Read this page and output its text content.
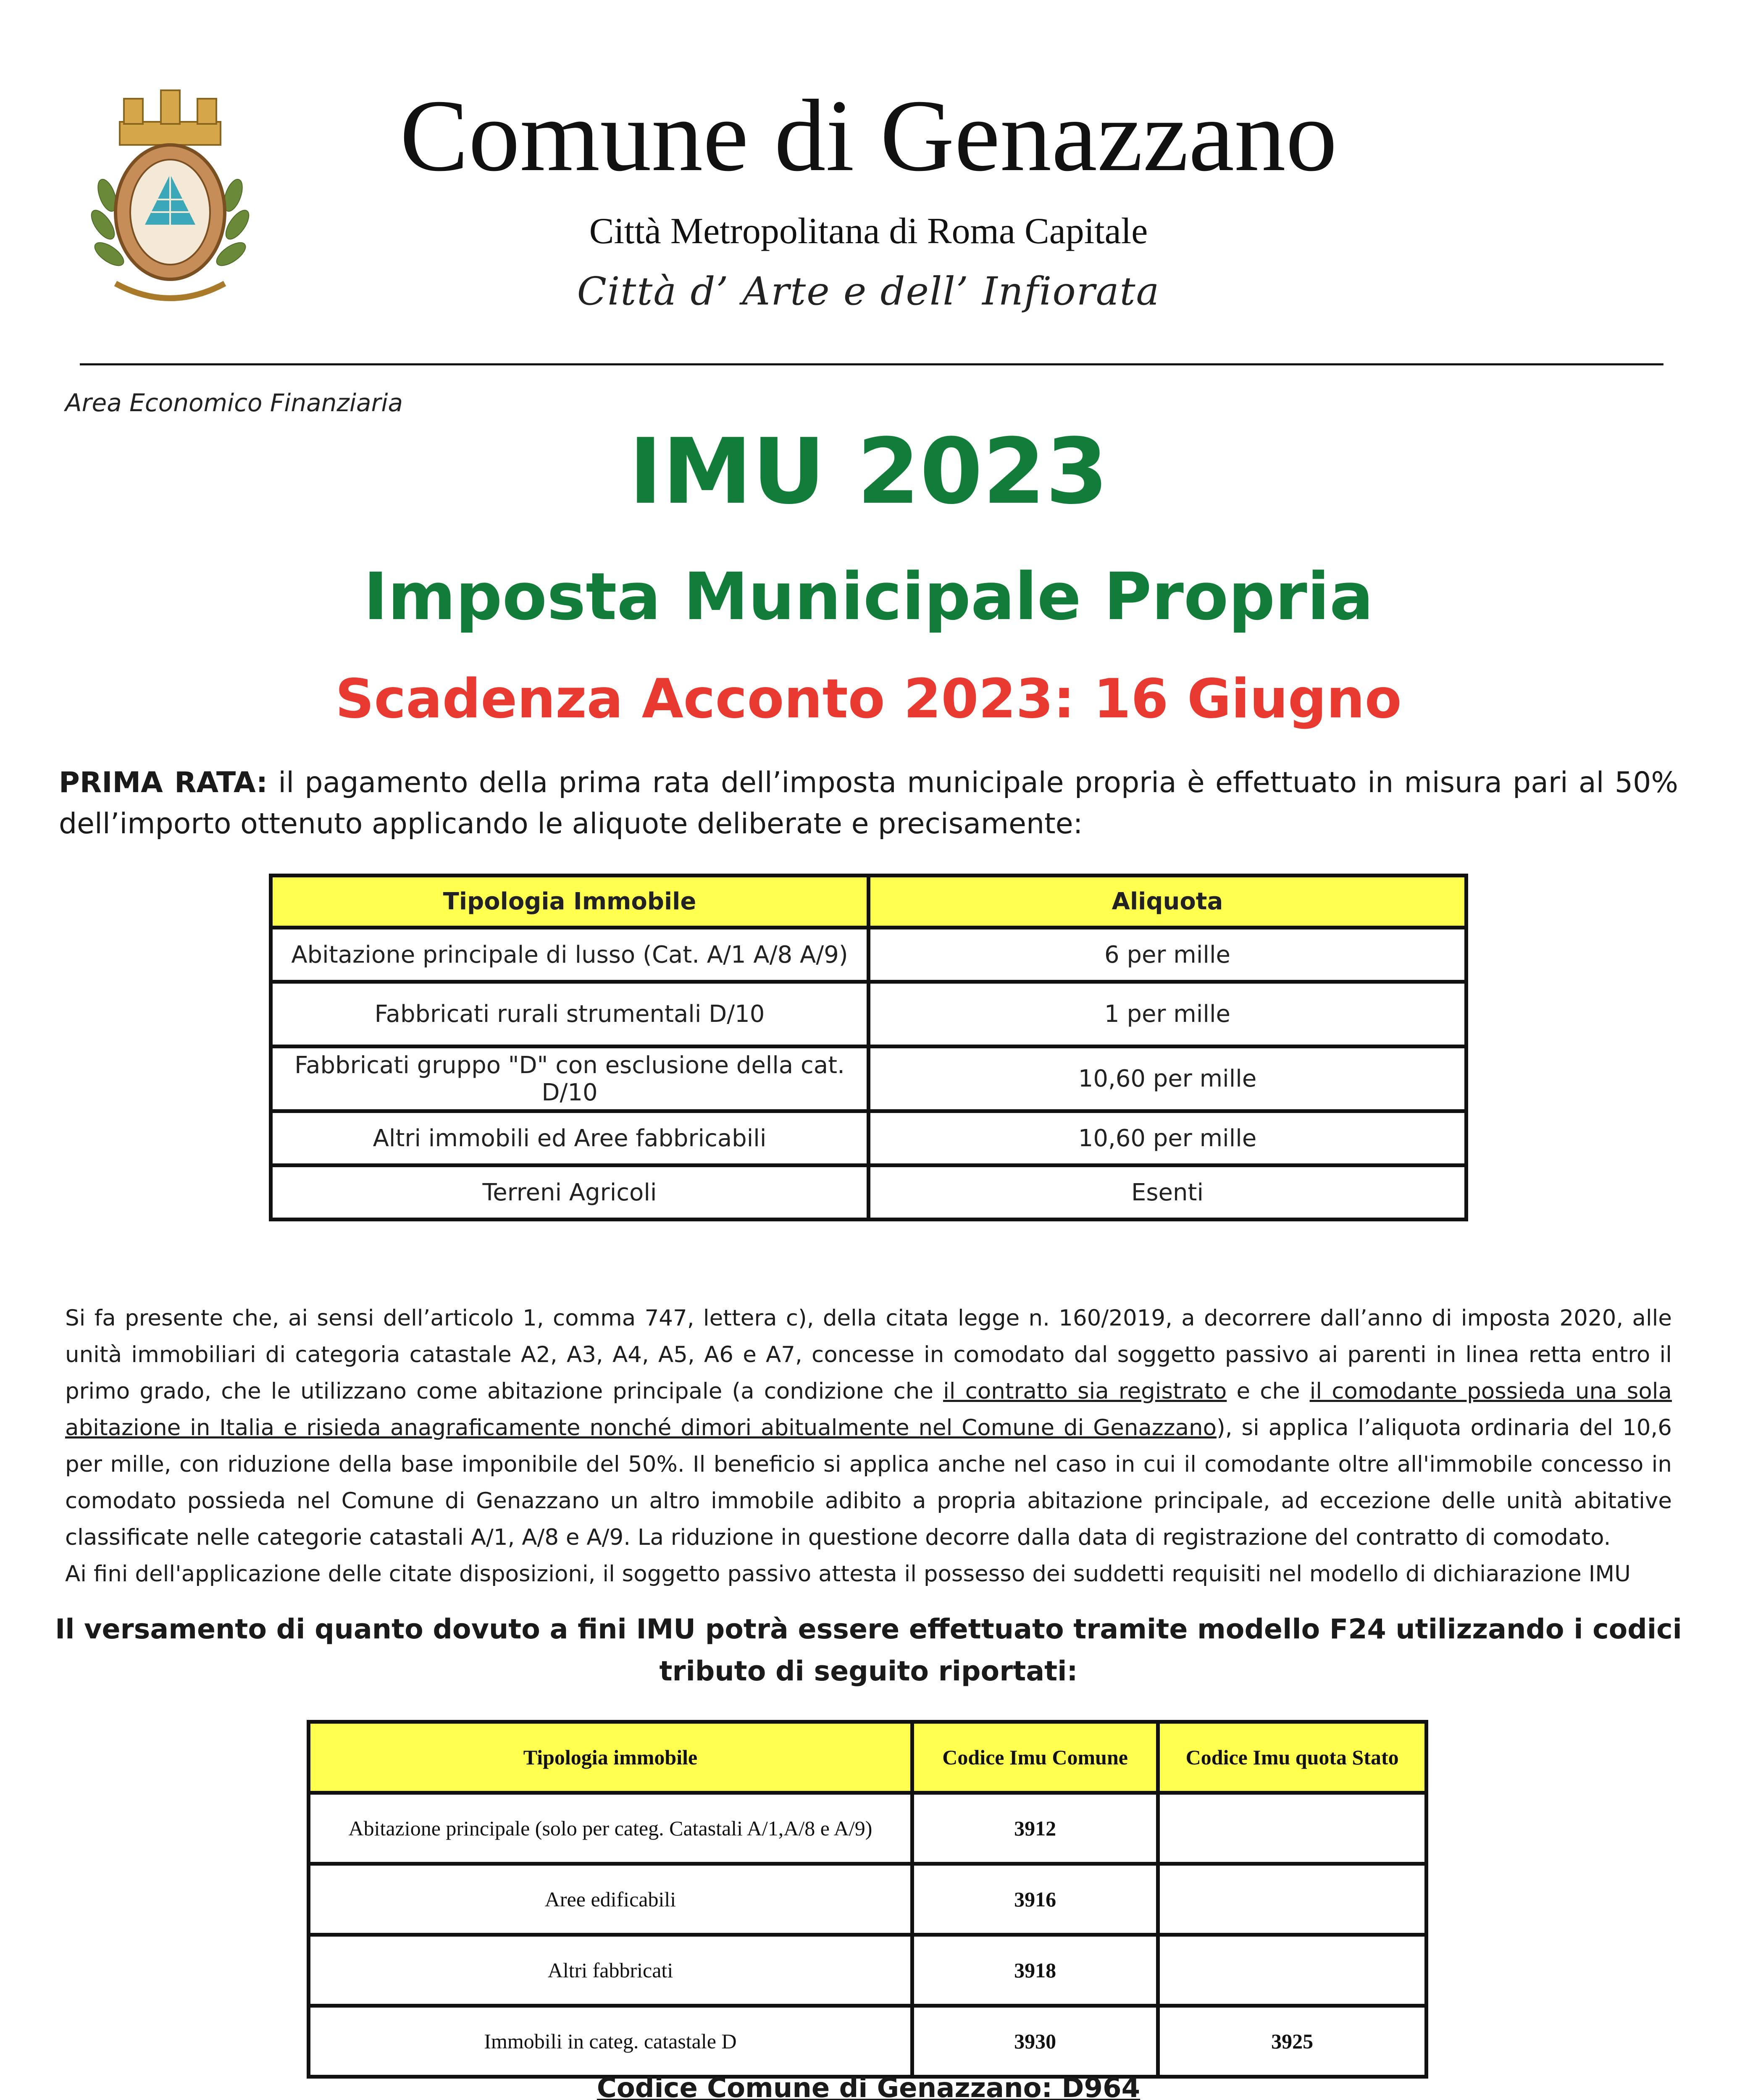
Comune di Genazzano
Città Metropolitana di Roma Capitale
Città d’ Arte e dell’ Infiorata
Area Economico Finanziaria
IMU 2023
Imposta Municipale Propria
Scadenza Acconto 2023: 16 Giugno
PRIMA RATA: il pagamento della prima rata dell’imposta municipale propria è effettuato in misura pari al 50% dell’importo ottenuto applicando le aliquote deliberate e precisamente:
Tipologia Immobile	Aliquota
Abitazione principale di lusso (Cat. A/1 A/8 A/9)	6 per mille
Fabbricati rurali strumentali D/10	1 per mille
Fabbricati gruppo "D" con esclusione della cat. D/10	10,60 per mille
Altri immobili ed Aree fabbricabili	10,60 per mille
Terreni Agricoli	Esenti
Si fa presente che, ai sensi dell’articolo 1, comma 747, lettera c), della citata legge n. 160/2019, a decorrere dall’anno di imposta 2020, alle unità immobiliari di categoria catastale A2, A3, A4, A5, A6 e A7, concesse in comodato dal soggetto passivo ai parenti in linea retta entro il primo grado, che le utilizzano come abitazione principale (a condizione che il contratto sia registrato e che il comodante possieda una sola abitazione in Italia e risieda anagraficamente nonché dimori abitualmente nel Comune di Genazzano), si applica l’aliquota ordinaria del 10,6 per mille, con riduzione della base imponibile del 50%. Il beneficio si applica anche nel caso in cui il comodante oltre all'immobile concesso in comodato possieda nel Comune di Genazzano un altro immobile adibito a propria abitazione principale, ad eccezione delle unità abitative classificate nelle categorie catastali A/1, A/8 e A/9. La riduzione in questione decorre dalla data di registrazione del contratto di comodato.
Ai fini dell'applicazione delle citate disposizioni, il soggetto passivo attesta il possesso dei suddetti requisiti nel modello di dichiarazione IMU
Il versamento di quanto dovuto a fini IMU potrà essere effettuato tramite modello F24 utilizzando i codici tributo di seguito riportati:
Tipologia immobile	Codice Imu Comune	Codice Imu quota Stato
Abitazione principale (solo per categ. Catastali A/1,A/8 e A/9)	3912	
Aree edificabili	3916	
Altri fabbricati	3918	
Immobili in categ. catastale D	3930	3925
Codice Comune di Genazzano: D964
